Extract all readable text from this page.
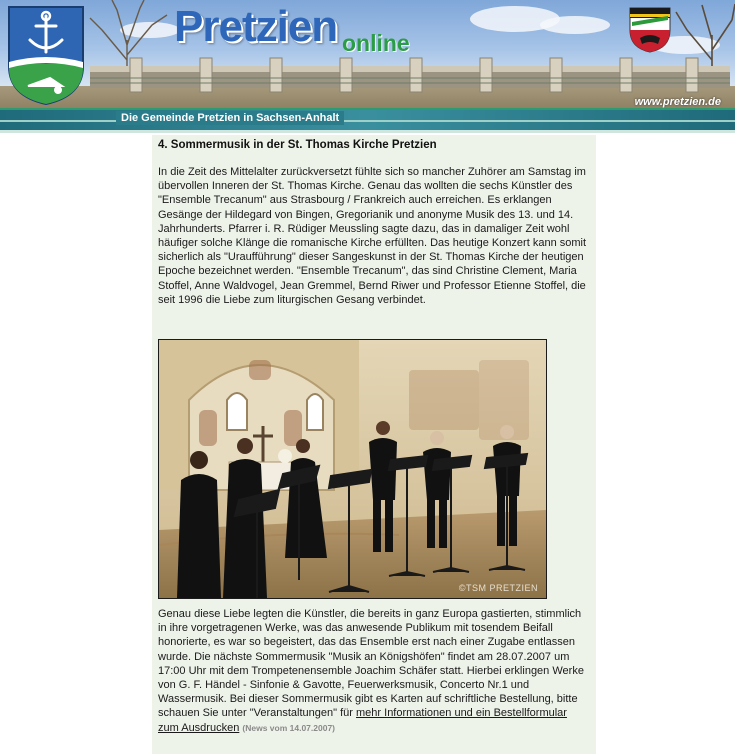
Pretzien online
www.pretzien.de
Die Gemeinde Pretzien in Sachsen-Anhalt
4. Sommermusik in der St. Thomas Kirche Pretzien

In die Zeit des Mittelalter zurückversetzt fühlte sich so mancher Zuhörer am Samstag im übervollen Inneren der St. Thomas Kirche. Genau das wollten die sechs Künstler des "Ensemble Trecanum" aus Strasbourg / Frankreich auch erreichen. Es erklangen Gesänge der Hildegard von Bingen, Gregorianik und anonyme Musik des 13. und 14. Jahrhunderts. Pfarrer i. R. Rüdiger Meussling sagte dazu, das in damaliger Zeit wohl häufiger solche Klänge die romanische Kirche erfüllten. Das heutige Konzert kann somit sicherlich als "Uraufführung" dieser Sangeskunst in der St. Thomas Kirche der heutigen Epoche bezeichnet werden. "Ensemble Trecanum", das sind Christine Clement, Maria Stoffel, Anne Waldvogel, Jean Gremmel, Bernd Riwer und Professor Etienne Stoffel, die seit 1996 die Liebe zum liturgischen Gesang verbindet.

©TSM PRETZIEN

Genau diese Liebe legten die Künstler, die bereits in ganz Europa gastierten, stimmlich in ihre vorgetragenen Werke, was das anwesende Publikum mit tosendem Beifall honorierte, es war so begeistert, das das Ensemble erst nach einer Zugabe entlassen wurde. Die nächste Sommermusik "Musik an Königshöfen" findet am 28.07.2007 um 17:00 Uhr mit dem Trompetenensemble Joachim Schäfer statt. Hierbei erklingen Werke von G. F. Händel - Sinfonie & Gavotte, Feuerwerksmusik, Concerto Nr.1 und Wassermusik. Bei dieser Sommermusik gibt es Karten auf schriftliche Bestellung, bitte schauen Sie unter "Veranstaltungen" für mehr Informationen und ein Bestellformular zum Ausdrucken (News vom 14.07.2007)
